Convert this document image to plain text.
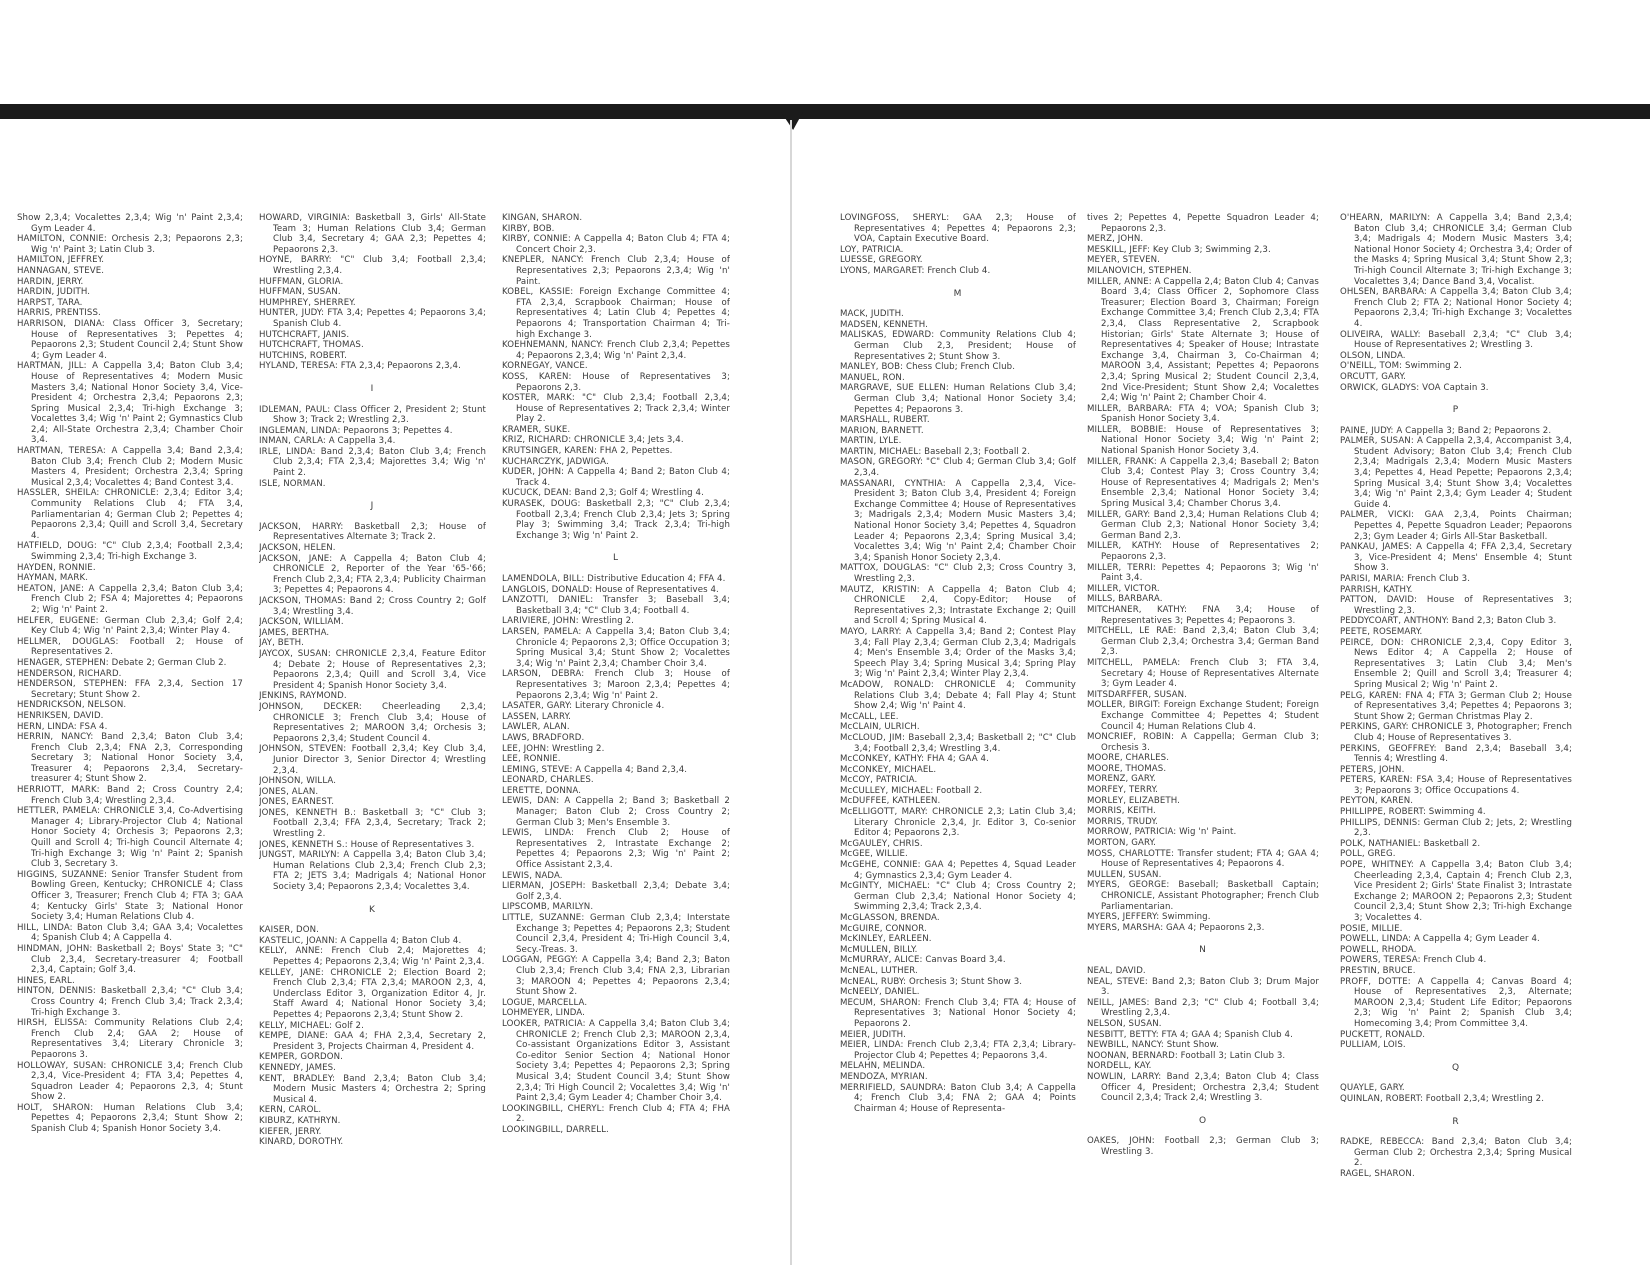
Show 2,3,4; Vocalettes 2,3,4; Wig 'n' Paint 2,3,4; Gym Leader 4.

HAMILTON, CONNIE: Orchesis 2,3; Pepaorons 2,3; Wig 'n' Paint 3; Latin Club 3.

HAMILTON, JEFFREY.

HANNAGAN, STEVE.

HARDIN, JERRY.

HARDIN, JUDITH.

HARPST, TARA.

HARRIS, PRENTISS.

HARRISON, DIANA: Class Officer 3, Secretary; House of Representatives 3; Pepettes 4; Pepaorons 2,3; Student Council 2,4; Stunt Show 4; Gym Leader 4.

HARTMAN, JILL: A Cappella 3,4; Baton Club 3,4; House of Representatives 4; Modern Music Masters 3,4; National Honor Society 3,4, Vice-President 4; Orchestra 2,3,4; Pepaorons 2,3; Spring Musical 2,3,4; Tri-high Exchange 3; Vocalettes 3,4; Wig 'n' Paint 2; Gymnastics Club 2,4; All-State Orchestra 2,3,4; Chamber Choir 3,4.

HARTMAN, TERESA: A Cappella 3,4; Band 2,3,4; Baton Club 3,4; French Club 2; Modern Music Masters 4, President; Orchestra 2,3,4; Spring Musical 2,3,4; Vocalettes 4; Band Contest 3,4.

HASSLER, SHEILA: CHRONICLE: 2,3,4; Editor 3,4; Community Relations Club 4; FTA 3,4, Parliamentarian 4; German Club 2; Pepettes 4; Pepaorons 2,3,4; Quill and Scroll 3,4, Secretary 4.

HATFIELD, DOUG: "C" Club 2,3,4; Football 2,3,4; Swimming 2,3,4; Tri-high Exchange 3.

HAYDEN, RONNIE.

HAYMAN, MARK.

HEATON, JANE: A Cappella 2,3,4; Baton Club 3,4; French Club 2; FSA 4; Majorettes 4; Pepaorons 2; Wig 'n' Paint 2.

HELFER, EUGENE: German Club 2,3,4; Golf 2,4; Key Club 4; Wig 'n' Paint 2,3,4; Winter Play 4.

HELLMER, DOUGLAS: Football 2; House of Representatives 2.

HENAGER, STEPHEN: Debate 2; German Club 2.

HENDERSON, RICHARD.

HENDERSON, STEPHEN: FFA 2,3,4, Section 17 Secretary; Stunt Show 2.

HENDRICKSON, NELSON.

HENRIKSEN, DAVID.

HERN, LINDA: FSA 4.

HERRIN, NANCY: Band 2,3,4; Baton Club 3,4; French Club 2,3,4; FNA 2,3, Corresponding Secretary 3; National Honor Society 3,4, Treasurer 4; Pepaorons 2,3,4, Secretary-treasurer 4; Stunt Show 2.

HERRIOTT, MARK: Band 2; Cross Country 2,4; French Club 3,4; Wrestling 2,3,4.

HETTLER, PAMELA: CHRONICLE 3,4, Co-Advertising Manager 4; Library-Projector Club 4; National Honor Society 4; Orchesis 3; Pepaorons 2,3; Quill and Scroll 4; Tri-high Council Alternate 4; Tri-high Exchange 3; Wig 'n' Paint 2; Spanish Club 3, Secretary 3.

HIGGINS, SUZANNE: Senior Transfer Student from Bowling Green, Kentucky; CHRONICLE 4; Class Officer 3, Treasurer; French Club 4; FTA 3; GAA 4; Kentucky Girls' State 3; National Honor Society 3,4; Human Relations Club 4.

HILL, LINDA: Baton Club 3,4; GAA 3,4; Vocalettes 4; Spanish Club 4; A Cappella 4.

HINDMAN, JOHN: Basketball 2; Boys' State 3; "C" Club 2,3,4, Secretary-treasurer 4; Football 2,3,4, Captain; Golf 3,4.

HINES, EARL.

HINTON, DENNIS: Basketball 2,3,4; "C" Club 3,4; Cross Country 4; French Club 3,4; Track 2,3,4; Tri-high Exchange 3.

HIRSH, ELISSA: Community Relations Club 2,4; French Club 2,4; GAA 2; House of Representatives 3,4; Literary Chronicle 3; Pepaorons 3.

HOLLOWAY, SUSAN: CHRONICLE 3,4; French Club 2,3,4, Vice-President 4; FTA 3,4; Pepettes 4, Squadron Leader 4; Pepaorons 2,3, 4; Stunt Show 2.

HOLT, SHARON: Human Relations Club 3,4; Pepettes 4; Pepaorons 2,3,4; Stunt Show 2; Spanish Club 4; Spanish Honor Society 3,4.

HOWARD, VIRGINIA: Basketball 3, Girls' All-State Team 3; Human Relations Club 3,4; German Club 3,4, Secretary 4; GAA 2,3; Pepettes 4; Pepaorons 2,3.

HOYNE, BARRY: "C" Club 3,4; Football 2,3,4; Wrestling 2,3,4.

HUFFMAN, GLORIA.

HUFFMAN, SUSAN.

HUMPHREY, SHERREY.

HUNTER, JUDY: FTA 3,4; Pepettes 4; Pepaorons 3,4; Spanish Club 4.

HUTCHCRAFT, JANIS.

HUTCHCRAFT, THOMAS.

HUTCHINS, ROBERT.

HYLAND, TERESA: FTA 2,3,4; Pepaorons 2,3,4.

I

IDLEMAN, PAUL: Class Officer 2, President 2; Stunt Show 3; Track 2; Wrestling 2,3.

INGLEMAN, LINDA: Pepaorons 3; Pepettes 4.

INMAN, CARLA: A Cappella 3,4.

IRLE, LINDA: Band 2,3,4; Baton Club 3,4; French Club 2,3,4; FTA 2,3,4; Majorettes 3,4; Wig 'n' Paint 2.

ISLE, NORMAN.

J

JACKSON, HARRY: Basketball 2,3; House of Representatives Alternate 3; Track 2.

JACKSON, HELEN.

JACKSON, JANE: A Cappella 4; Baton Club 4; CHRONICLE 2, Reporter of the Year '65-'66; French Club 2,3,4; FTA 2,3,4; Publicity Chairman 3; Pepettes 4; Pepaorons 4.

JACKSON, THOMAS: Band 2; Cross Country 2; Golf 3,4; Wrestling 3,4.

JACKSON, WILLIAM.

JAMES, BERTHA.

JAY, BETH.

JAYCOX, SUSAN: CHRONICLE 2,3,4, Feature Editor 4; Debate 2; House of Representatives 2,3; Pepaorons 2,3,4; Quill and Scroll 3,4, Vice President 4; Spanish Honor Society 3,4.

JENKINS, RAYMOND.

JOHNSON, DECKER: Cheerleading 2,3,4; CHRONICLE 3; French Club 3,4; House of Representatives 2; MAROON 3,4; Orchesis 3; Pepaorons 2,3,4; Student Council 4.

JOHNSON, STEVEN: Football 2,3,4; Key Club 3,4, Junior Director 3, Senior Director 4; Wrestling 2,3,4.

JOHNSON, WILLA.

JONES, ALAN.

JONES, EARNEST.

JONES, KENNETH B.: Basketball 3; "C" Club 3; Football 2,3,4; FFA 2,3,4, Secretary; Track 2; Wrestling 2.

JONES, KENNETH S.: House of Representatives 3.

JUNGST, MARILYN: A Cappella 3,4; Baton Club 3,4; Human Relations Club 2,3,4; French Club 2,3; FTA 2; JETS 3,4; Madrigals 4; National Honor Society 3,4; Pepaorons 2,3,4; Vocalettes 3,4.

K

KAISER, DON.

KASTELIC, JOANN: A Cappella 4; Baton Club 4.

KELLY, ANNE: French Club 2,4; Majorettes 4; Pepettes 4; Pepaorons 2,3,4; Wig 'n' Paint 2,3,4.

KELLEY, JANE: CHRONICLE 2; Election Board 2; French Club 2,3,4; FTA 2,3,4; MAROON 2,3, 4, Underclass Editor 3, Organization Editor 4, Jr. Staff Award 4; National Honor Society 3,4; Pepettes 4; Pepaorons 2,3,4; Stunt Show 2.

KELLY, MICHAEL: Golf 2.

KEMPE, DIANE: GAA 4; FHA 2,3,4, Secretary 2, President 3, Projects Chairman 4, President 4.

KEMPER, GORDON.

KENNEDY, JAMES.

KENT, BRADLEY: Band 2,3,4; Baton Club 3,4; Modern Music Masters 4; Orchestra 2; Spring Musical 4.

KERN, CAROL.

KIBURZ, KATHRYN.

KIEFER, JERRY.

KINARD, DOROTHY.

KINGAN, SHARON.

KIRBY, BOB.

KIRBY, CONNIE: A Cappella 4; Baton Club 4; FTA 4; Concert Choir 2,3.

KNEPLER, NANCY: French Club 2,3,4; House of Representatives 2,3; Pepaorons 2,3,4; Wig 'n' Paint.

KOBEL, KASSIE: Foreign Exchange Committee 4; FTA 2,3,4, Scrapbook Chairman; House of Representatives 4; Latin Club 4; Pepettes 4; Pepaorons 4; Transportation Chairman 4; Tri-high Exchange 3.

KOEHNEMANN, NANCY: French Club 2,3,4; Pepettes 4; Pepaorons 2,3,4; Wig 'n' Paint 2,3,4.

KORNEGAY, VANCE.

KOSS, KAREN: House of Representatives 3; Pepaorons 2,3.

KOSTER, MARK: "C" Club 2,3,4; Football 2,3,4; House of Representatives 2; Track 2,3,4; Winter Play 2.

KRAMER, SUKE.

KRIZ, RICHARD: CHRONICLE 3,4; Jets 3,4.

KRUTSINGER, KAREN: FHA 2, Pepettes.

KUCHARCZYK, JADWIGA.

KUDER, JOHN: A Cappella 4; Band 2; Baton Club 4; Track 4.

KUCUCK, DEAN: Band 2,3; Golf 4; Wrestling 4.

KURASEK, DOUG: Basketball 2,3; "C" Club 2,3,4; Football 2,3,4; French Club 2,3,4; Jets 3; Spring Play 3; Swimming 3,4; Track 2,3,4; Tri-high Exchange 3; Wig 'n' Paint 2.

L

LAMENDOLA, BILL: Distributive Education 4; FFA 4.

LANGLOIS, DONALD: House of Representatives 4.

LANZOTTI, DANIEL: Transfer 3; Baseball 3,4; Basketball 3,4; "C" Club 3,4; Football 4.

LARIVIERE, JOHN: Wrestling 2.

LARSEN, PAMELA: A Cappella 3,4; Baton Club 3,4; Chronicle 4; Pepaorons 2,3; Office Occupation 3; Spring Musical 3,4; Stunt Show 2; Vocalettes 3,4; Wig 'n' Paint 2,3,4; Chamber Choir 3,4.

LARSON, DEBRA: French Club 3; House of Representatives 3; Maroon 2,3,4; Pepettes 4; Pepaorons 2,3,4; Wig 'n' Paint 2.

LASATER, GARY: Literary Chronicle 4.

LASSEN, LARRY.

LAWLER, ALAN.

LAWS, BRADFORD.

LEE, JOHN: Wrestling 2.

LEE, RONNIE.

LEMING, STEVE: A Cappella 4; Band 2,3,4.

LEONARD, CHARLES.

LERETTE, DONNA.

LEWIS, DAN: A Cappella 2; Band 3; Basketball 2 Manager; Baton Club 2; Cross Country 2; German Club 3; Men's Ensemble 3.

LEWIS, LINDA: French Club 2; House of Representatives 2, Intrastate Exchange 2; Pepettes 4; Pepaorons 2,3; Wig 'n' Paint 2; Office Assistant 2,3,4.

LEWIS, NADA.

LIERMAN, JOSEPH: Basketball 2,3,4; Debate 3,4; Golf 2,3,4.

LIPSCOMB, MARILYN.

LITTLE, SUZANNE: German Club 2,3,4; Interstate Exchange 3; Pepettes 4; Pepaorons 2,3; Student Council 2,3,4, President 4; Tri-High Council 3,4, Secy.-Treas. 3.

LOGGAN, PEGGY: A Cappella 3,4; Band 2,3; Baton Club 2,3,4; French Club 3,4; FNA 2,3, Librarian 3; MAROON 4; Pepettes 4; Pepaorons 2,3,4; Stunt Show 2.

LOGUE, MARCELLA.

LOHMEYER, LINDA.

LOOKER, PATRICIA: A Cappella 3,4; Baton Club 3,4; CHRONICLE 2; French Club 2,3; MAROON 2,3,4, Co-assistant Organizations Editor 3, Assistant Co-editor Senior Section 4; National Honor Society 3,4; Pepettes 4; Pepaorons 2,3; Spring Musical 3,4; Student Council 3,4; Stunt Show 2,3,4; Tri High Council 2; Vocalettes 3,4; Wig 'n' Paint 2,3,4; Gym Leader 4; Chamber Choir 3,4.

LOOKINGBILL, CHERYL: French Club 4; FTA 4; FHA 2.

LOOKINGBILL, DARRELL.

LOVINGFOSS, SHERYL: GAA 2,3; House of Representatives 4; Pepettes 4; Pepaorons 2,3; VOA, Captain Executive Board.

LOY, PATRICIA.

LUESSE, GREGORY.

LYONS, MARGARET: French Club 4.

M

MACK, JUDITH.

MADSEN, KENNETH.

MALISKAS, EDWARD: Community Relations Club 4; German Club 2,3, President; House of Representatives 2; Stunt Show 3.

MANLEY, BOB: Chess Club; French Club.

MANUEL, RON.

MARGRAVE, SUE ELLEN: Human Relations Club 3,4; German Club 3,4; National Honor Society 3,4; Pepettes 4; Pepaorons 3.

MARSHALL, RUBERT.

MARION, BARNETT.

MARTIN, LYLE.

MARTIN, MICHAEL: Baseball 2,3; Football 2.

MASON, GREGORY: "C" Club 4; German Club 3,4; Golf 2,3,4.

MASSANARI, CYNTHIA: A Cappella 2,3,4, Vice-President 3; Baton Club 3,4, President 4; Foreign Exchange Committee 4; House of Representatives 3; Madrigals 2,3,4; Modern Music Masters 3,4; National Honor Society 3,4; Pepettes 4, Squadron Leader 4; Pepaorons 2,3,4; Spring Musical 3,4; Vocalettes 3,4; Wig 'n' Paint 2,4; Chamber Choir 3,4; Spanish Honor Society 2,3,4.

MATTOX, DOUGLAS: "C" Club 2,3; Cross Country 3, Wrestling 2,3.

MAUTZ, KRISTIN: A Cappella 4; Baton Club 4; CHRONICLE 2,4, Copy-Editor; House of Representatives 2,3; Intrastate Exchange 2; Quill and Scroll 4; Spring Musical 4.

MAYO, LARRY: A Cappella 3,4; Band 2; Contest Play 3,4; Fall Play 2,3,4; German Club 2,3,4; Madrigals 4; Men's Ensemble 3,4; Order of the Masks 3,4; Speech Play 3,4; Spring Musical 3,4; Spring Play 3; Wig 'n' Paint 2,3,4; Winter Play 2,3,4.

McADOW, RONALD: CHRONICLE 4; Community Relations Club 3,4; Debate 4; Fall Play 4; Stunt Show 2,4; Wig 'n' Paint 4.

McCALL, LEE.

McCLAIN, ULRICH.

McCLOUD, JIM: Baseball 2,3,4; Basketball 2; "C" Club 3,4; Football 2,3,4; Wrestling 3,4.

McCONKEY, KATHY: FHA 4; GAA 4.

McCONKEY, MICHAEL.

McCOY, PATRICIA.

McCULLEY, MICHAEL: Football 2.

McDUFFEE, KATHLEEN.

McELLIGOTT, MARY: CHRONICLE 2,3; Latin Club 3,4; Literary Chronicle 2,3,4, Jr. Editor 3, Co-senior Editor 4; Pepaorons 2,3.

McGAULEY, CHRIS.

McGEE, WILLIE.

McGEHE, CONNIE: GAA 4; Pepettes 4, Squad Leader 4; Gymnastics 2,3,4; Gym Leader 4.

McGINTY, MICHAEL: "C" Club 4; Cross Country 2; German Club 2,3,4; National Honor Society 4; Swimming 2,3,4; Track 2,3,4.

McGLASSON, BRENDA.

McGUIRE, CONNOR.

McKINLEY, EARLEEN.

McMULLEN, BILLY.

McMURRAY, ALICE: Canvas Board 3,4.

McNEAL, LUTHER.

McNEAL, RUBY: Orchesis 3; Stunt Show 3.

McNEELY, DANIEL.

MECUM, SHARON: French Club 3,4; FTA 4; House of Representatives 3; National Honor Society 4; Pepaorons 2.

MEIER, JUDITH.

MEIER, LINDA: French Club 2,3,4; FTA 2,3,4; Library-Projector Club 4; Pepettes 4; Pepaorons 3,4.

MELAHN, MELINDA.

MENDOZA, MYRIAN.

MERRIFIELD, SAUNDRA: Baton Club 3,4; A Cappella 4; French Club 3,4; FNA 2; GAA 4; Points Chairman 4; House of Representa-

tives 2; Pepettes 4, Pepette Squadron Leader 4; Pepaorons 2,3.

MERZ, JOHN.

MESKILL, JEFF: Key Club 3; Swimming 2,3.

MEYER, STEVEN.

MILANOVICH, STEPHEN.

MILLER, ANNE: A Cappella 2,4; Baton Club 4; Canvas Board 3,4; Class Officer 2, Sophomore Class Treasurer; Election Board 3, Chairman; Foreign Exchange Committee 3,4; French Club 2,3,4; FTA 2,3,4, Class Representative 2, Scrapbook Historian; Girls' State Alternate 3; House of Representatives 4; Speaker of House; Intrastate Exchange 3,4, Chairman 3, Co-Chairman 4; MAROON 3,4, Assistant; Pepettes 4; Pepaorons 2,3,4; Spring Musical 2; Student Council 2,3,4, 2nd Vice-President; Stunt Show 2,4; Vocalettes 2,4; Wig 'n' Paint 2; Chamber Choir 4.

MILLER, BARBARA: FTA 4; VOA; Spanish Club 3; Spanish Honor Society 3,4.

MILLER, BOBBIE: House of Representatives 3; National Honor Society 3,4; Wig 'n' Paint 2; National Spanish Honor Society 3,4.

MILLER, FRANK: A Cappella 2,3,4; Baseball 2; Baton Club 3,4; Contest Play 3; Cross Country 3,4; House of Representatives 4; Madrigals 2; Men's Ensemble 2,3,4; National Honor Society 3,4; Spring Musical 3,4; Chamber Chorus 3,4.

MILLER, GARY: Band 2,3,4; Human Relations Club 4; German Club 2,3; National Honor Society 3,4; German Band 2,3.

MILLER, KATHY: House of Representatives 2; Pepaorons 2,3.

MILLER, TERRI: Pepettes 4; Pepaorons 3; Wig 'n' Paint 3,4.

MILLER, VICTOR.

MILLS, BARBARA.

MITCHANER, KATHY: FNA 3,4; House of Representatives 3; Pepettes 4; Pepaorons 3.

MITCHELL, LE RAE: Band 2,3,4; Baton Club 3,4; German Club 2,3,4; Orchestra 3,4; German Band 2,3.

MITCHELL, PAMELA: French Club 3; FTA 3,4, Secretary 4; House of Representatives Alternate 3; Gym Leader 4.

MITSDARFFER, SUSAN.

MOLLER, BIRGIT: Foreign Exchange Student; Foreign Exchange Committee 4; Pepettes 4; Student Council 4; Human Relations Club 4.

MONCRIEF, ROBIN: A Cappella; German Club 3; Orchesis 3.

MOORE, CHARLES.

MOORE, THOMAS.

MORENZ, GARY.

MORFEY, TERRY.

MORLEY, ELIZABETH.

MORRIS, KEITH.

MORRIS, TRUDY.

MORROW, PATRICIA: Wig 'n' Paint.

MORTON, GARY.

MOSS, CHARLOTTE: Transfer student; FTA 4; GAA 4; House of Representatives 4; Pepaorons 4.

MULLEN, SUSAN.

MYERS, GEORGE: Baseball; Basketball Captain; CHRONICLE, Assistant Photographer; French Club Parliamentarian.

MYERS, JEFFERY: Swimming.

MYERS, MARSHA: GAA 4; Pepaorons 2,3.

N

NEAL, DAVID.

NEAL, STEVE: Band 2,3; Baton Club 3; Drum Major 3.

NEILL, JAMES: Band 2,3; "C" Club 4; Football 3,4; Wrestling 2,3,4.

NELSON, SUSAN.

NESBITT, BETTY: FTA 4; GAA 4; Spanish Club 4.

NEWBILL, NANCY: Stunt Show.

NOONAN, BERNARD: Football 3; Latin Club 3.

NORDELL, KAY.

NOWLIN, LARRY: Band 2,3,4; Baton Club 4; Class Officer 4, President; Orchestra 2,3,4; Student Council 2,3,4; Track 2,4; Wrestling 3.

O

OAKES, JOHN: Football 2,3; German Club 3; Wrestling 3.

O'HEARN, MARILYN: A Cappella 3,4; Band 2,3,4; Baton Club 3,4; CHRONICLE 3,4; German Club 3,4; Madrigals 4; Modern Music Masters 3,4; National Honor Society 4; Orchestra 3,4; Order of the Masks 4; Spring Musical 3,4; Stunt Show 2,3; Tri-high Council Alternate 3; Tri-high Exchange 3; Vocalettes 3,4; Dance Band 3,4, Vocalist.

OHLSEN, BARBARA: A Cappella 3,4; Baton Club 3,4; French Club 2; FTA 2; National Honor Society 4; Pepaorons 2,3,4; Tri-high Exchange 3; Vocalettes 4.

OLIVEIRA, WALLY: Baseball 2,3,4; "C" Club 3,4; House of Representatives 2; Wrestling 3.

OLSON, LINDA.

O'NEILL, TOM: Swimming 2.

ORCUTT, GARY.

ORWICK, GLADYS: VOA Captain 3.

P

PAINE, JUDY: A Cappella 3; Band 2; Pepaorons 2.

PALMER, SUSAN: A Cappella 2,3,4, Accompanist 3,4, Student Advisory; Baton Club 3,4; French Club 2,3,4; Madrigals 2,3,4; Modern Music Masters 3,4; Pepettes 4, Head Pepette; Pepaorons 2,3,4; Spring Musical 3,4; Stunt Show 3,4; Vocalettes 3,4; Wig 'n' Paint 2,3,4; Gym Leader 4; Student Guide 4.

PALMER, VICKI: GAA 2,3,4, Points Chairman; Pepettes 4, Pepette Squadron Leader; Pepaorons 2,3; Gym Leader 4; Girls All-Star Basketball.

PANKAU, JAMES: A Cappella 4; FFA 2,3,4, Secretary 3, Vice-President 4; Mens' Ensemble 4; Stunt Show 3.

PARISI, MARIA: French Club 3.

PARRISH, KATHY.

PATTON, DAVID: House of Representatives 3; Wrestling 2,3.

PEDDYCOART, ANTHONY: Band 2,3; Baton Club 3.

PEETE, ROSEMARY.

PEIRCE, DON: CHRONICLE 2,3,4, Copy Editor 3, News Editor 4; A Cappella 2; House of Representatives 3; Latin Club 3,4; Men's Ensemble 2; Quill and Scroll 3,4; Treasurer 4; Spring Musical 2; Wig 'n' Paint 2.

PELG, KAREN: FNA 4; FTA 3; German Club 2; House of Representatives 3,4; Pepettes 4; Pepaorons 3; Stunt Show 2; German Christmas Play 2.

PERKINS, GARY: CHRONICLE 3, Photographer; French Club 4; House of Representatives 3.

PERKINS, GEOFFREY: Band 2,3,4; Baseball 3,4; Tennis 4; Wrestling 4.

PETERS, JOHN.

PETERS, KAREN: FSA 3,4; House of Representatives 3; Pepaorons 3; Office Occupations 4.

PEYTON, KAREN.

PHILLIPPE, ROBERT: Swimming 4.

PHILLIPS, DENNIS: German Club 2; Jets, 2; Wrestling 2,3.

POLK, NATHANIEL: Basketball 2.

POLL, GREG.

POPE, WHITNEY: A Cappella 3,4; Baton Club 3,4; Cheerleading 2,3,4, Captain 4; French Club 2,3, Vice President 2; Girls' State Finalist 3; Intrastate Exchange 2; MAROON 2; Pepaorons 2,3; Student Council 2,3,4; Stunt Show 2,3; Tri-high Exchange 3; Vocalettes 4.

POSIE, MILLIE.

POWELL, LINDA: A Cappella 4; Gym Leader 4.

POWELL, RHODA.

POWERS, TERESA: French Club 4.

PRESTIN, BRUCE.

PROFF, DOTTE: A Cappella 4; Canvas Board 4; House of Representatives 2,3, Alternate; MAROON 2,3,4; Student Life Editor; Pepaorons 2,3; Wig 'n' Paint 2; Spanish Club 3,4; Homecoming 3,4; Prom Committee 3,4.

PUCKETT, RONALD.

PULLIAM, LOIS.

Q

QUAYLE, GARY.

QUINLAN, ROBERT: Football 2,3,4; Wrestling 2.

R

RADKE, REBECCA: Band 2,3,4; Baton Club 3,4; German Club 2; Orchestra 2,3,4; Spring Musical 2.

RAGEL, SHARON.
